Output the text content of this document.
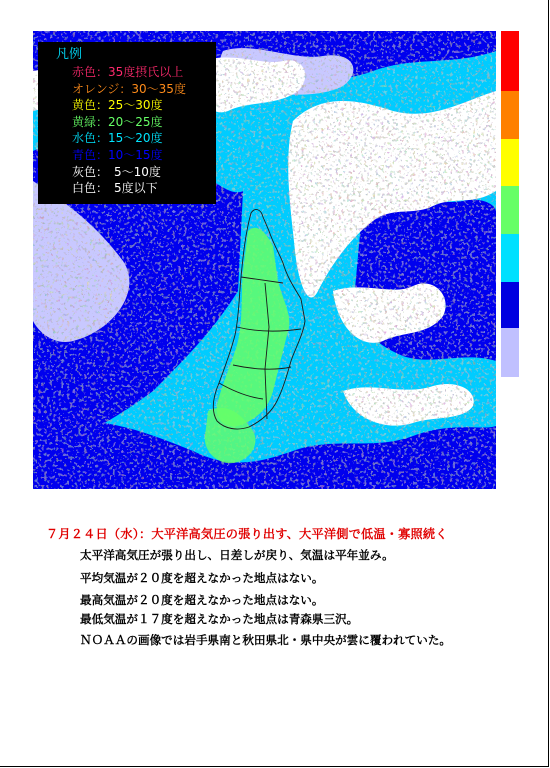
凡例
赤色：35度摂氏以上
オレンジ：30～35度
黄色：25～30度
黄緑：20～25度
水色：15～20度
青色：10～15度
灰色：　5～10度
白色：　5度以下
７月２４日（水）：大平洋高気圧の張り出す、大平洋側で低温・寡照続く
太平洋高気圧が張り出し、日差しが戻り、気温は平年並み。
平均気温が２０度を超えなかった地点はない。
最高気温が２０度を超えなかった地点はない。
最低気温が１７度を超えなかった地点は青森県三沢。
ＮＯＡＡの画像では岩手県南と秋田県北・県中央が雲に覆われていた。
